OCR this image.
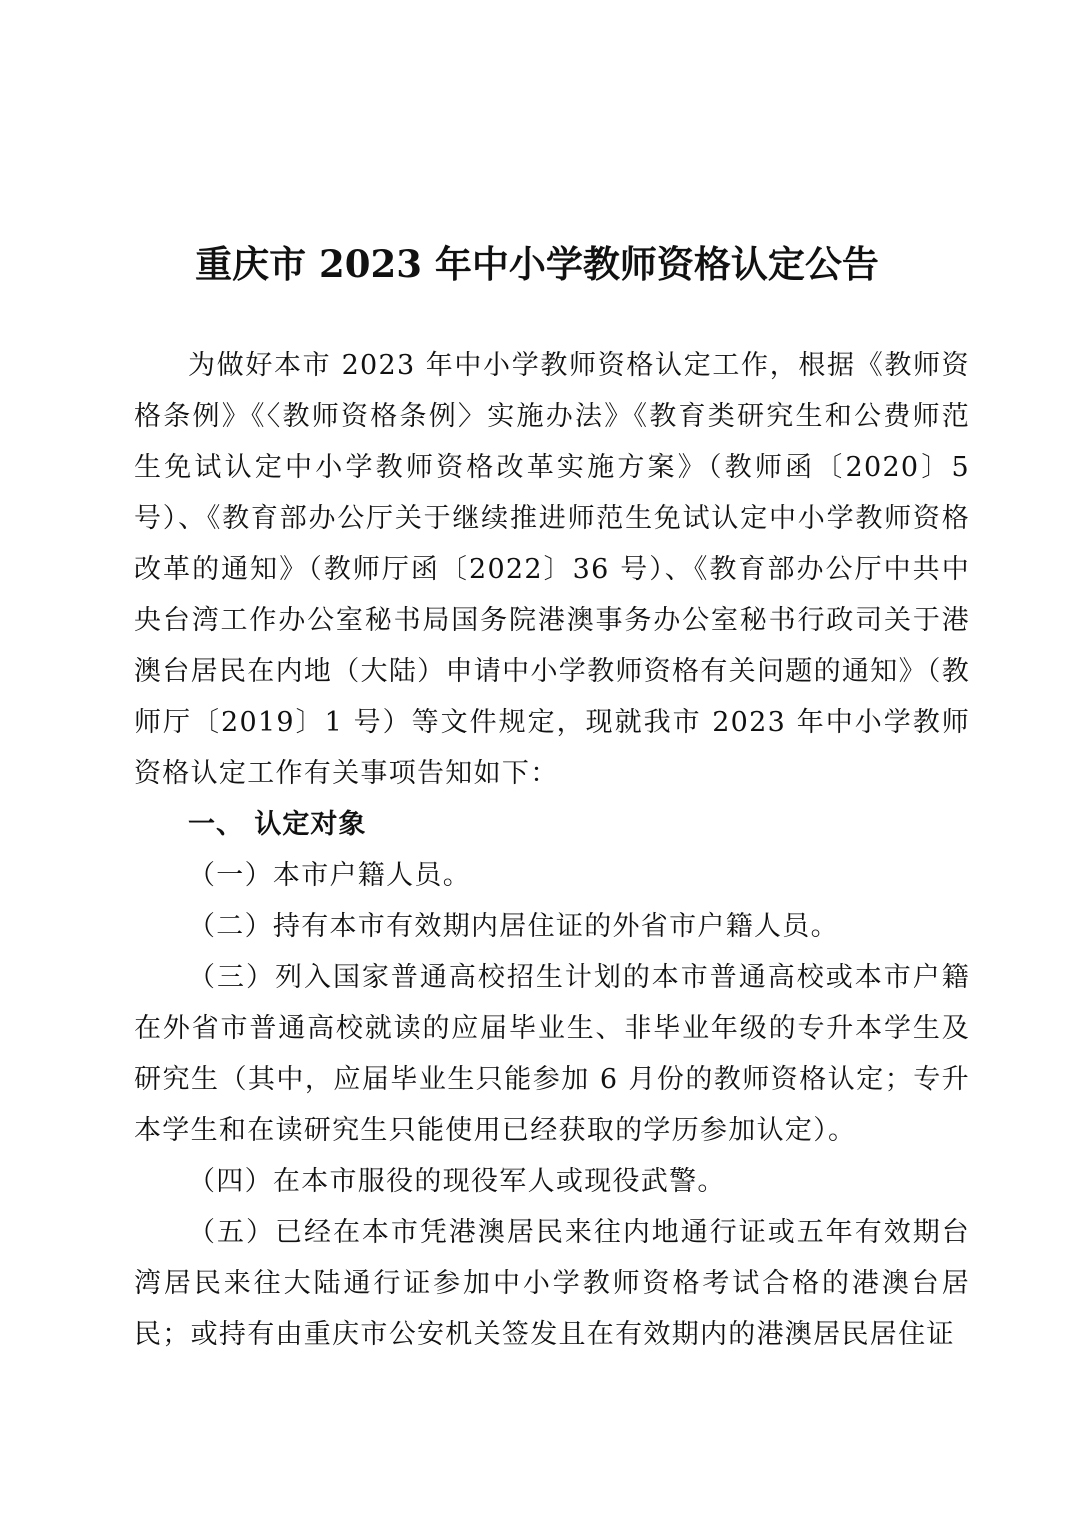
重庆市 2023 年中小学教师资格认定公告

为做好本市 2023 年中小学教师资格认定工作，根据《教师资格条例》《〈教师资格条例〉实施办法》《教育类研究生和公费师范生免试认定中小学教师资格改革实施方案》（教师函〔2020〕5 号）、《教育部办公厅关于继续推进师范生免试认定中小学教师资格改革的通知》（教师厅函〔2022〕36 号）、《教育部办公厅中共中央台湾工作办公室秘书局国务院港澳事务办公室秘书行政司关于港澳台居民在内地（大陆）申请中小学教师资格有关问题的通知》（教师厅〔2019〕1 号）等文件规定，现就我市 2023 年中小学教师资格认定工作有关事项告知如下：

一、 认定对象

（一）本市户籍人员。

（二）持有本市有效期内居住证的外省市户籍人员。

（三）列入国家普通高校招生计划的本市普通高校或本市户籍在外省市普通高校就读的应届毕业生、非毕业年级的专升本学生及研究生（其中，应届毕业生只能参加 6 月份的教师资格认定；专升本学生和在读研究生只能使用已经获取的学历参加认定）。

（四）在本市服役的现役军人或现役武警。

（五）已经在本市凭港澳居民来往内地通行证或五年有效期台湾居民来往大陆通行证参加中小学教师资格考试合格的港澳台居民；或持有由重庆市公安机关签发且在有效期内的港澳居民居住证
